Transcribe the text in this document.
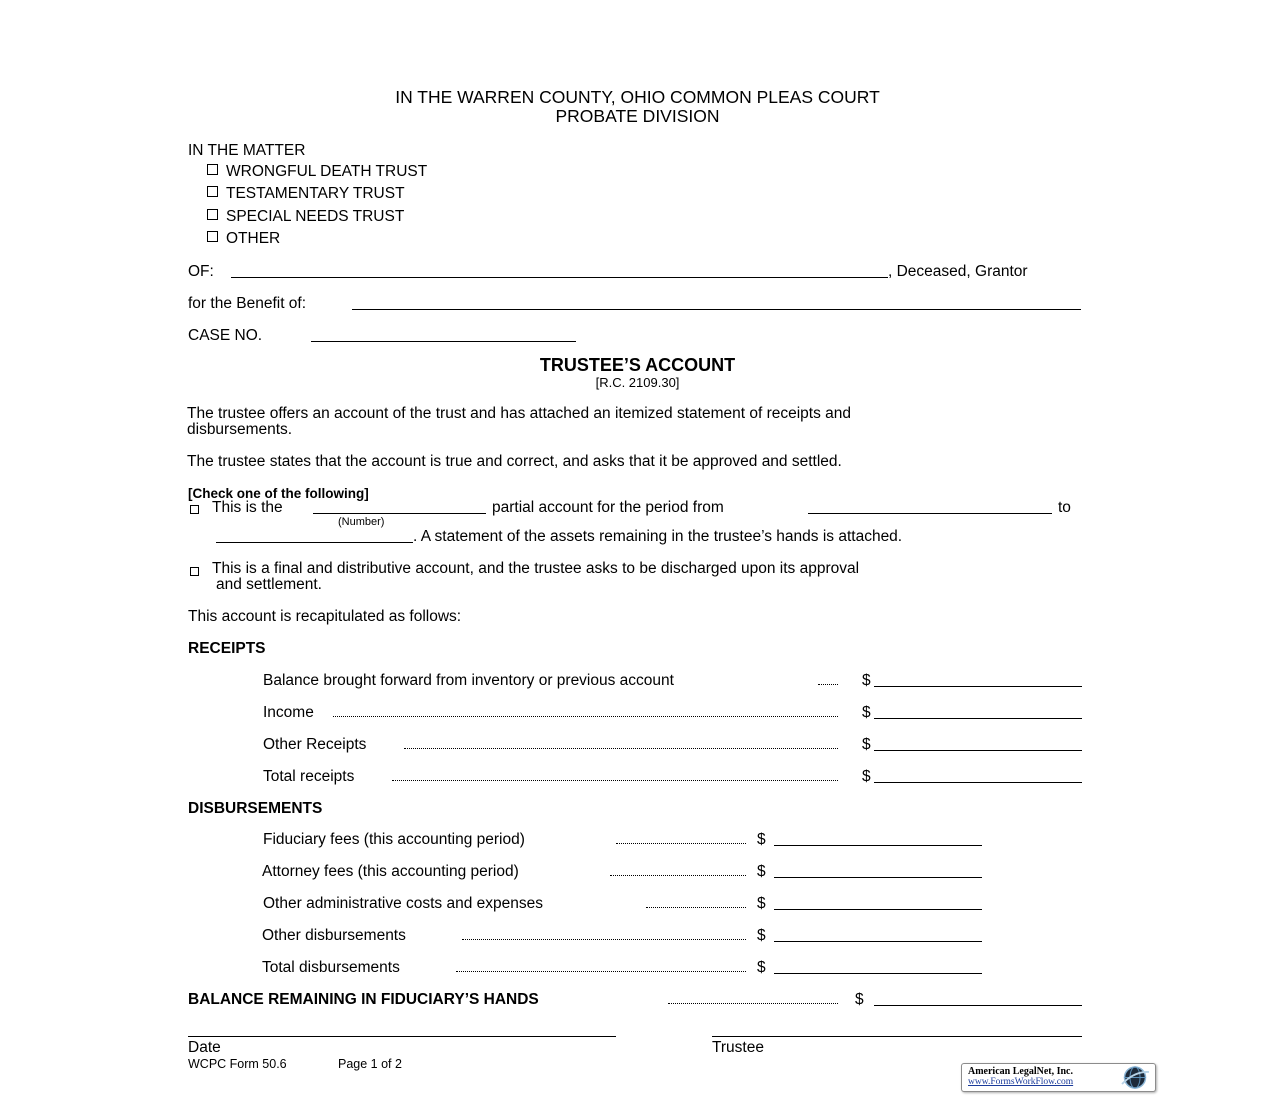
IN THE WARREN COUNTY, OHIO COMMON PLEAS COURT
PROBATE DIVISION
IN THE MATTER
WRONGFUL DEATH TRUST
TESTAMENTARY TRUST
SPECIAL NEEDS TRUST
OTHER
OF:	, Deceased, Grantor
for the Benefit of:
CASE NO.
TRUSTEE’S ACCOUNT
[R.C. 2109.30]
The trustee offers an account of the trust and has attached an itemized statement of receipts and
disbursements.
The trustee states that the account is true and correct, and asks that it be approved and settled.
[Check one of the following]
This is the	partial account for the period from	to
(Number)
. A statement of the assets remaining in the trustee’s hands is attached.
This is a final and distributive account, and the trustee asks to be discharged upon its approval
and settlement.
This account is recapitulated as follows:
RECEIPTS
Balance brought forward from inventory or previous account	$
Income	$
Other Receipts	$
Total receipts	$
DISBURSEMENTS
Fiduciary fees (this accounting period)	$
Attorney fees (this accounting period)	$
Other administrative costs and expenses	$
Other disbursements	$
Total disbursements	$
BALANCE REMAINING IN FIDUCIARY’S HANDS	$
Date	Trustee
WCPC Form 50.6	Page 1 of 2
American LegalNet, Inc.
www.FormsWorkFlow.com
